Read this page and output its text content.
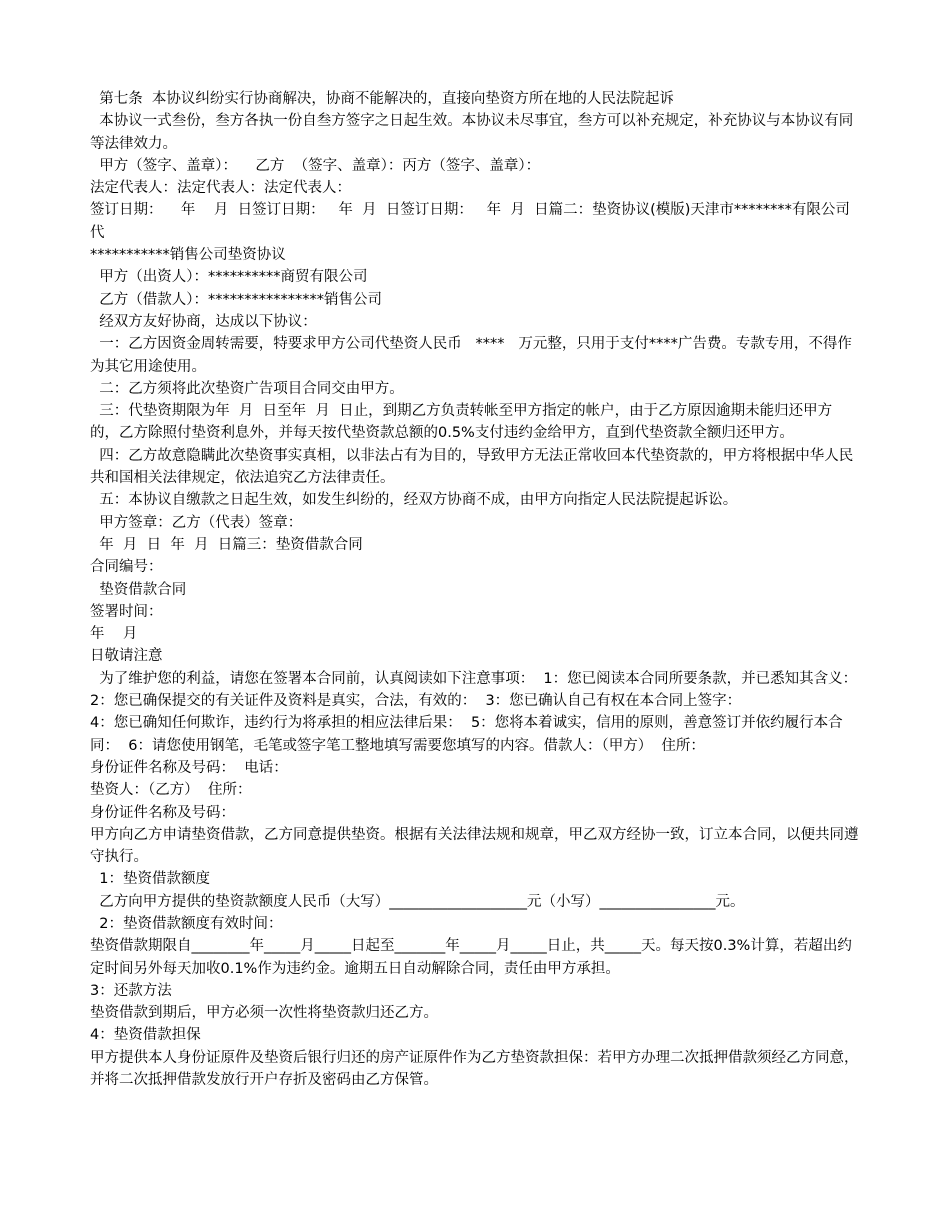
第七条  本协议纠纷实行协商解决，协商不能解决的，直接向垫资方所在地的人民法院起诉

本协议一式叁份，叁方各执一份自叁方签字之日起生效。本协议未尽事宜，叁方可以补充规定，补充协议与本协议有同等法律效力。

甲方（签字、盖章）：    乙方  （签字、盖章）：丙方（签字、盖章）：

法定代表人：法定代表人：法定代表人：

签订日期：    年    月  日签订日期：   年  月  日签订日期：   年  月  日篇二：垫资协议(模版)天津市********有限公司代

***********销售公司垫资协议

甲方（出资人）：**********商贸有限公司

乙方（借款人）：****************销售公司

经双方友好协商，达成以下协议：

一：乙方因资金周转需要，特要求甲方公司代垫资人民币   ****   万元整，只用于支付****广告费。专款专用，不得作为其它用途使用。

二：乙方须将此次垫资广告项目合同交由甲方。

三：代垫资期限为年  月  日至年  月  日止，到期乙方负责转帐至甲方指定的帐户，由于乙方原因逾期未能归还甲方的，乙方除照付垫资利息外，并每天按代垫资款总额的0.5%支付违约金给甲方，直到代垫资款全额归还甲方。

四：乙方故意隐瞒此次垫资事实真相，以非法占有为目的，导致甲方无法正常收回本代垫资款的，甲方将根据中华人民共和国相关法律规定，依法追究乙方法律责任。

五：本协议自缴款之日起生效，如发生纠纷的，经双方协商不成，由甲方向指定人民法院提起诉讼。

甲方签章：乙方（代表）签章：

年  月  日  年  月  日篇三：垫资借款合同

合同编号：

垫资借款合同

签署时间：

年    月

日敬请注意

为了维护您的利益，请您在签署本合同前，认真阅读如下注意事项：  1：您已阅读本合同所要条款，并已悉知其含义：

2：您已确保提交的有关证件及资料是真实，合法，有效的：  3：您已确认自己有权在本合同上签字：

4：您已确知任何欺诈，违约行为将承担的相应法律后果：  5：您将本着诚实，信用的原则，善意签订并依约履行本合同：  6：请您使用钢笔，毛笔或签字笔工整地填写需要您填写的内容。借款人：（甲方）  住所：

身份证件名称及号码：  电话：

垫资人：（乙方）  住所：

身份证件名称及号码：

甲方向乙方申请垫资借款，乙方同意提供垫资。根据有关法律法规和规章，甲乙双方经协一致，订立本合同，以便共同遵守执行。

1：垫资借款额度

乙方向甲方提供的垫资款额度人民币（大写）___________________元（小写）________________元。

2：垫资借款额度有效时间：

垫资借款期限自________年_____月_____日起至_______年_____月_____日止，共_____天。每天按0.3%计算，若超出约定时间另外每天加收0.1%作为违约金。逾期五日自动解除合同，责任由甲方承担。

3：还款方法

垫资借款到期后，甲方必须一次性将垫资款归还乙方。

4：垫资借款担保

甲方提供本人身份证原件及垫资后银行归还的房产证原件作为乙方垫资款担保：若甲方办理二次抵押借款须经乙方同意，并将二次抵押借款发放行开户存折及密码由乙方保管。
